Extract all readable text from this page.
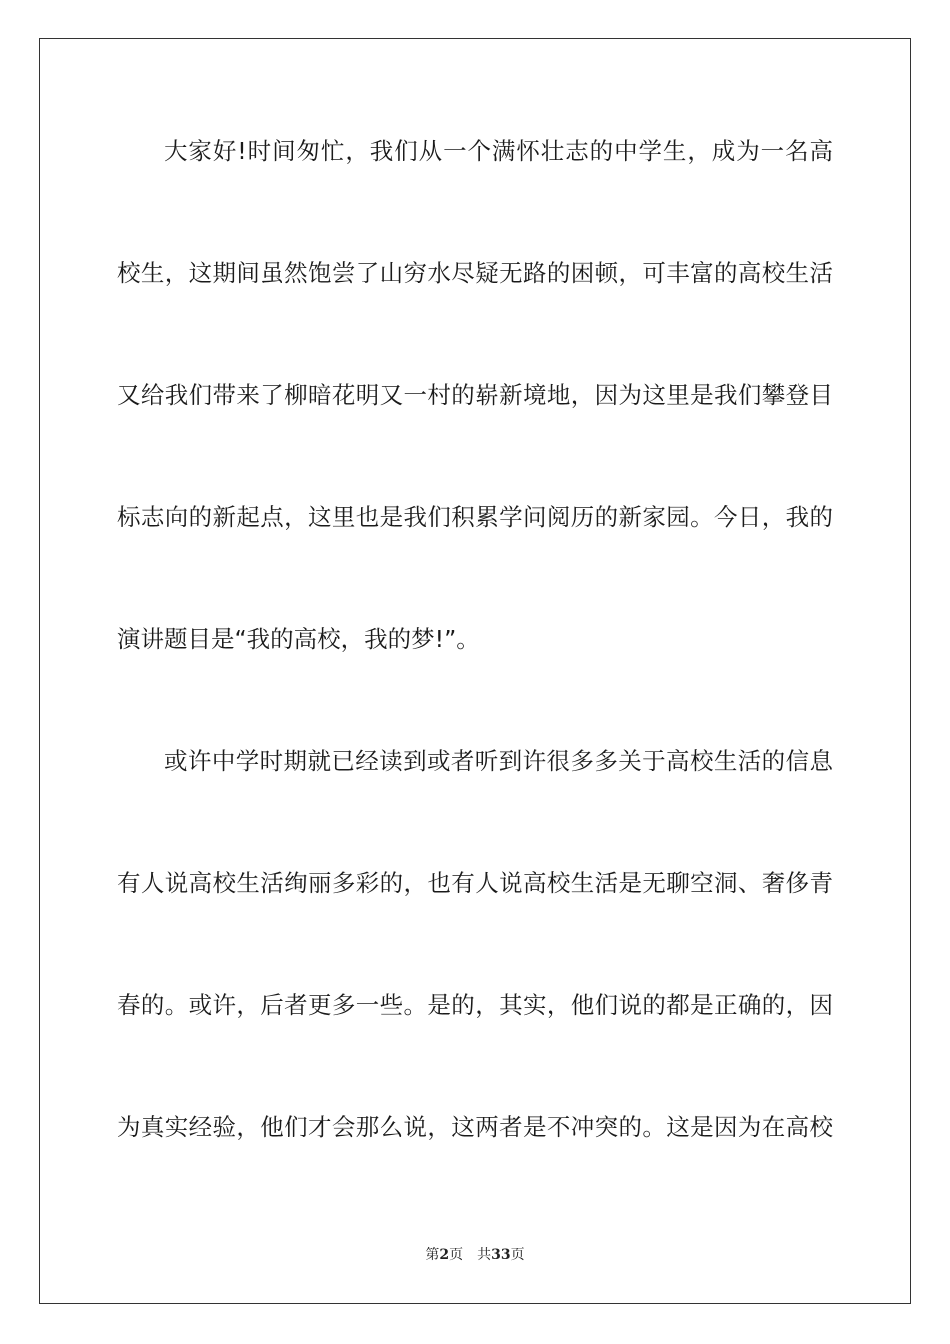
大家好!时间匆忙，我们从一个满怀壮志的中学生，成为一名高
校生，这期间虽然饱尝了山穷水尽疑无路的困顿，可丰富的高校生活
又给我们带来了柳暗花明又一村的崭新境地，因为这里是我们攀登目
标志向的新起点，这里也是我们积累学问阅历的新家园。今日，我的
演讲题目是“我的高校，我的梦!”。
或许中学时期就已经读到或者听到许很多多关于高校生活的信息
有人说高校生活绚丽多彩的，也有人说高校生活是无聊空洞、奢侈青
春的。或许，后者更多一些。是的，其实，他们说的都是正确的，因
为真实经验，他们才会那么说，这两者是不冲突的。这是因为在高校
第2页 共33页
